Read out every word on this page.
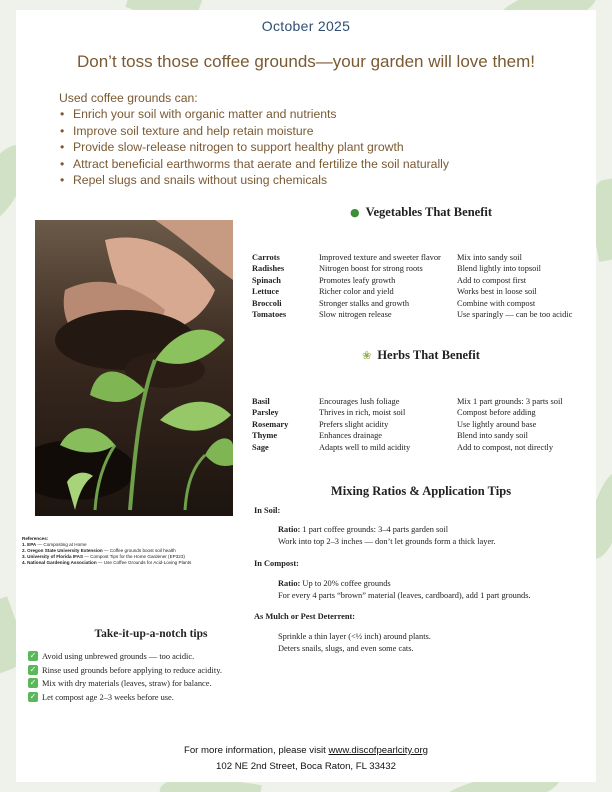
October 2025
Don’t toss those coffee grounds—your garden will love them!
Used coffee grounds can:
• Enrich your soil with organic matter and nutrients
• Improve soil texture and help retain moisture
• Provide slow-release nitrogen to support healthy plant growth
• Attract beneficial earthworms that aerate and fertilize the soil naturally
• Repel slugs and snails without using chemicals
● Vegetables That Benefit
Carrots	Improved texture and sweeter flavor	Mix into sandy soil
Radishes	Nitrogen boost for strong roots	Blend lightly into topsoil
Spinach	Promotes leafy growth	Add to compost first
Lettuce	Richer color and yield	Works best in loose soil
Broccoli	Stronger stalks and growth	Combine with compost
Tomatoes	Slow nitrogen release	Use sparingly — can be too acidic
❀ Herbs That Benefit
Basil	Encourages lush foliage	Mix 1 part grounds: 3 parts soil
Parsley	Thrives in rich, moist soil	Compost before adding
Rosemary	Prefers slight acidity	Use lightly around base
Thyme	Enhances drainage	Blend into sandy soil
Sage	Adapts well to mild acidity	Add to compost, not directly
Mixing Ratios & Application Tips
In Soil:
Ratio: 1 part coffee grounds: 3–4 parts garden soil
Work into top 2–3 inches — don’t let grounds form a thick layer.
In Compost:
Ratio: Up to 20% coffee grounds
For every 4 parts “brown” material (leaves, cardboard), add 1 part grounds.
As Mulch or Pest Deterrent:
Sprinkle a thin layer (<½ inch) around plants.
Deters snails, slugs, and even some cats.
References:
1. EPA — Composting at Home
2. Oregon State University Extension — Coffee grounds boost soil health
3. University of Florida IFAS — Compost Tips for the Home Gardener (EP323)
4. National Gardening Association — Use Coffee Grounds for Acid-Loving Plants
Take-it-up-a-notch tips
✓ Avoid using unbrewed grounds — too acidic.
✓ Rinse used grounds before applying to reduce acidity.
✓ Mix with dry materials (leaves, straw) for balance.
✓ Let compost age 2–3 weeks before use.
For more information, please visit www.discofpearlcity.org
102 NE 2nd Street, Boca Raton, FL 33432
